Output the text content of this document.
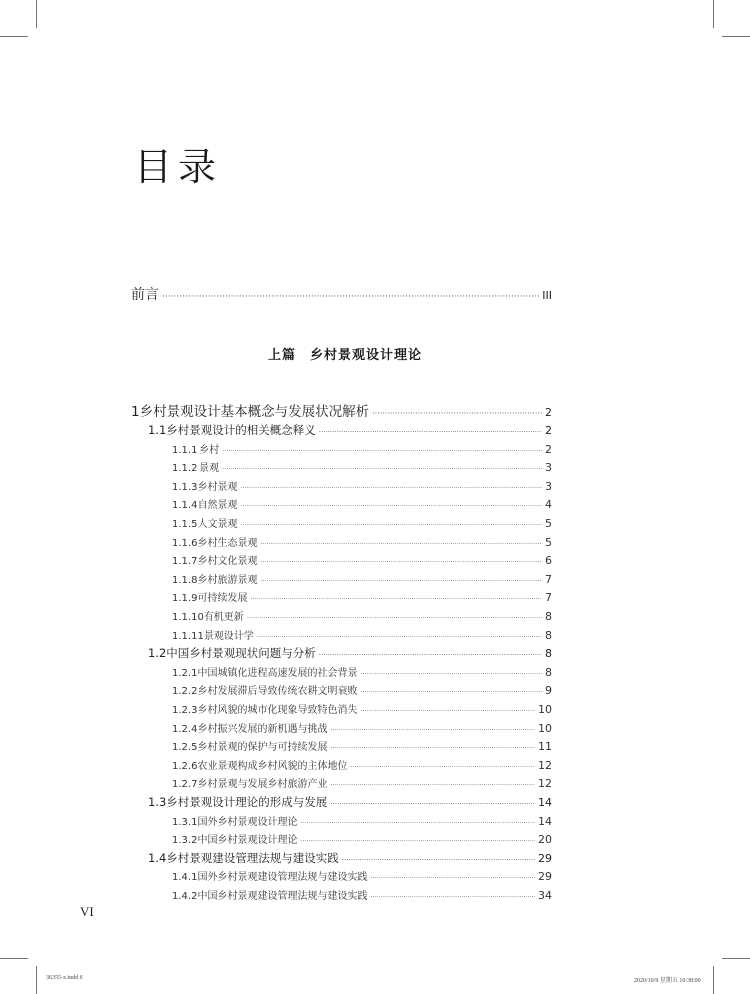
目录
前言 ·····	III
上篇　乡村景观设计理论
1 乡村景观设计基本概念与发展状况解析 ·····	2
1.1 乡村景观设计的相关概念释义 ·····	2
1.1.1 乡村 ·····	2
1.1.2 景观 ·····	3
1.1.3 乡村景观 ·····	3
1.1.4 自然景观 ·····	4
1.1.5 人文景观 ·····	5
1.1.6 乡村生态景观 ·····	5
1.1.7 乡村文化景观 ·····	6
1.1.8 乡村旅游景观 ·····	7
1.1.9 可持续发展 ·····	7
1.1.10 有机更新 ·····	8
1.1.11 景观设计学 ·····	8
1.2 中国乡村景观现状问题与分析 ·····	8
1.2.1 中国城镇化进程高速发展的社会背景 ·····	8
1.2.2 乡村发展滞后导致传统农耕文明衰败 ·····	9
1.2.3 乡村风貌的城市化现象导致特色消失 ·····	10
1.2.4 乡村振兴发展的新机遇与挑战 ·····	10
1.2.5 乡村景观的保护与可持续发展 ·····	11
1.2.6 农业景观构成乡村风貌的主体地位 ·····	12
1.2.7 乡村景观与发展乡村旅游产业 ·····	12
1.3 乡村景观设计理论的形成与发展 ·····	14
1.3.1 国外乡村景观设计理论 ·····	14
1.3.2 中国乡村景观设计理论 ·····	20
1.4 乡村景观建设管理法规与建设实践 ·····	29
1.4.1 国外乡村景观建设管理法规与建设实践 ·····	29
1.4.2 中国乡村景观建设管理法规与建设实践 ·····	34
VI
36355-x.indd 6	2020/10/9 星期五 10:38:00
